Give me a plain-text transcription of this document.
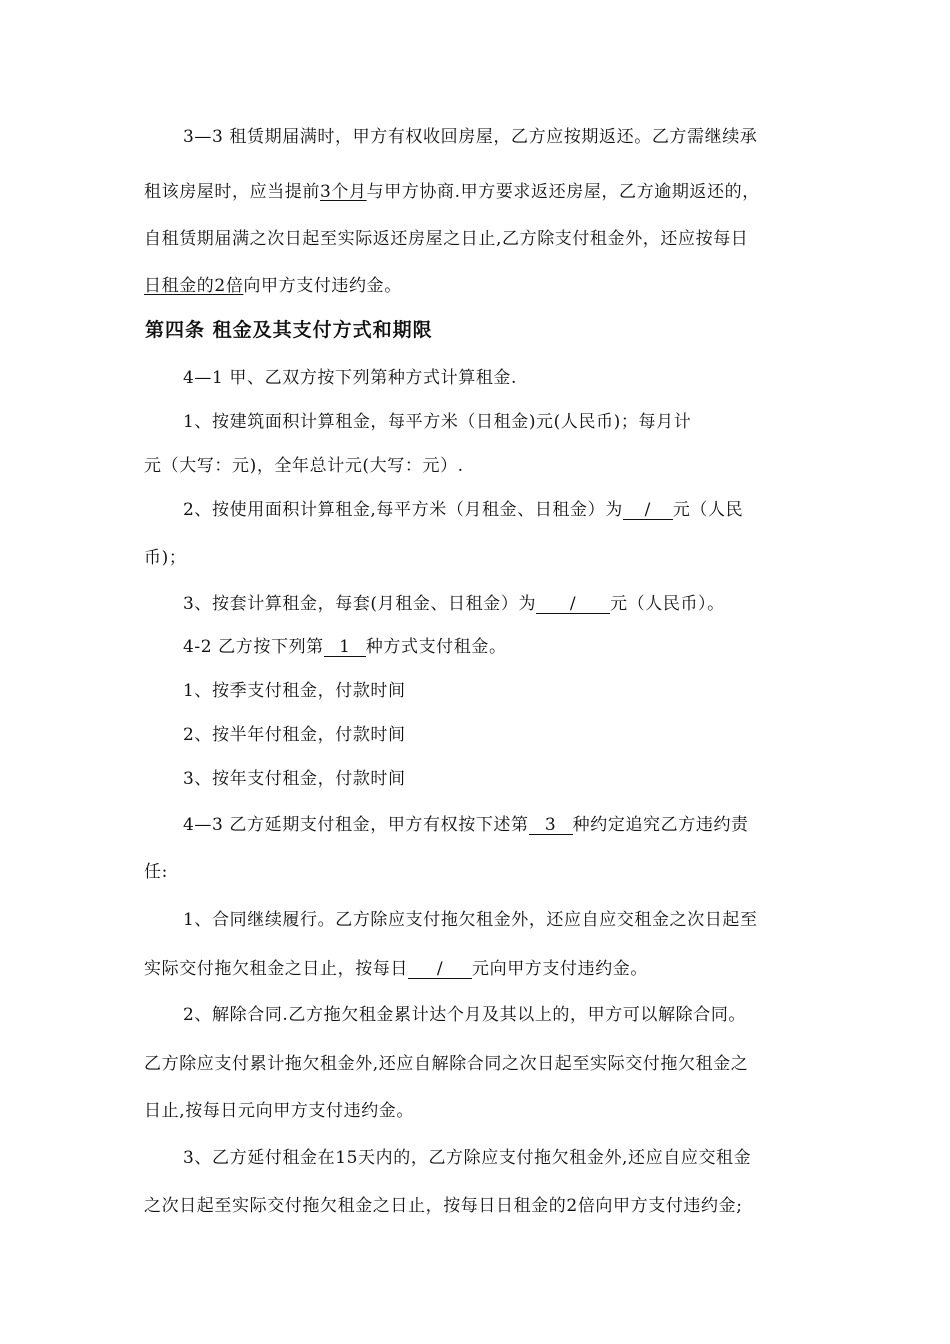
3—3 租赁期届满时，甲方有权收回房屋，乙方应按期返还。乙方需继续承
租该房屋时，应当提前3个月与甲方协商.甲方要求返还房屋，乙方逾期返还的，
自租赁期届满之次日起至实际返还房屋之日止,乙方除支付租金外，还应按每日
日租金的2倍向甲方支付违约金。
第四条 租金及其支付方式和期限
4—1 甲、乙双方按下列第种方式计算租金.
1、按建筑面积计算租金，每平方米（日租金)元(人民币)；每月计
元（大写：元)，全年总计元(大写：元）.
2、按使用面积计算租金,每平方米（月租金、日租金）为 / 元（人民
币)；
3、按套计算租金，每套(月租金、日租金）为 / 元（人民币）。
4-2 乙方按下列第 1 种方式支付租金。
1、按季支付租金，付款时间
2、按半年付租金，付款时间
3、按年支付租金，付款时间
4—3 乙方延期支付租金，甲方有权按下述第 3 种约定追究乙方违约责
任:
1、合同继续履行。乙方除应支付拖欠租金外，还应自应交租金之次日起至
实际交付拖欠租金之日止，按每日 / 元向甲方支付违约金。
2、解除合同.乙方拖欠租金累计达个月及其以上的，甲方可以解除合同。
乙方除应支付累计拖欠租金外,还应自解除合同之次日起至实际交付拖欠租金之
日止,按每日元向甲方支付违约金。
3、乙方延付租金在15天内的，乙方除应支付拖欠租金外,还应自应交租金
之次日起至实际交付拖欠租金之日止，按每日日租金的2倍向甲方支付违约金;
